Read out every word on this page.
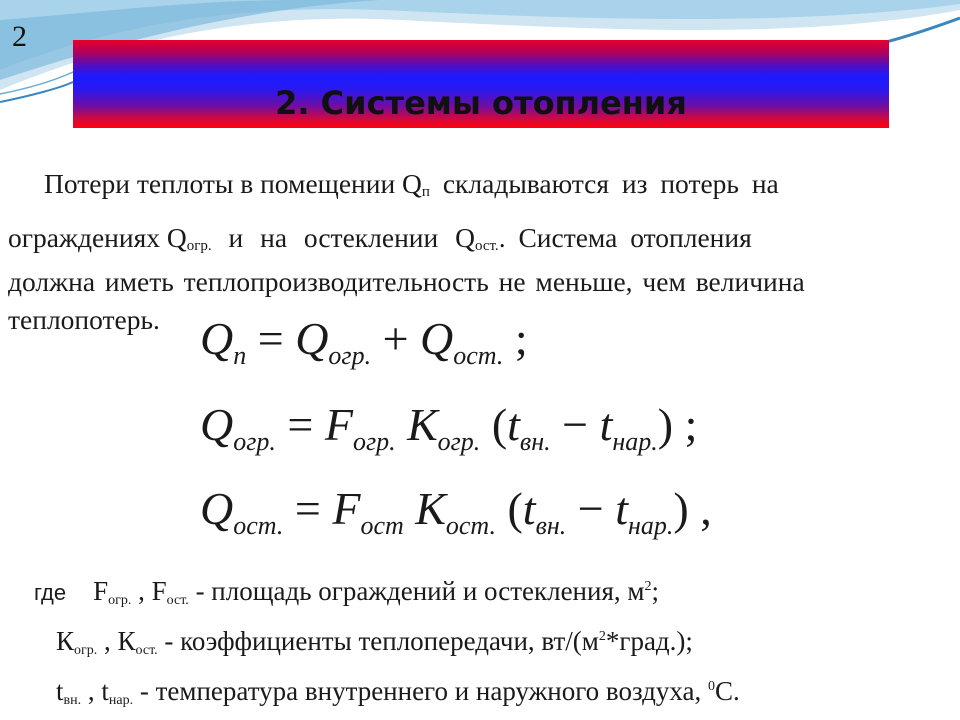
2
2. Системы отопления
Потери теплоты в помещении Qп складываются из потерь на
ограждениях Qогр. и на остеклении Qост.. Система отопления
должна иметь теплопроизводительность не меньше, чем величина
теплопотерь. $Q_п = Q_{огр.} + Q_{ост.}$ ;
$Q_{огр.} = F_{огр.}$ $К_{огр.}$ $(t_{вн.} - t_{нар.})$ ;
$Q_{ост.} = F_{ост}$ $К_{ост.}$ $(t_{вн.} - t_{нар.})$ ,
где Fогр. , Fост. - площадь ограждений и остекления, $м^2$;
Когр. , Кост. - коэффициенты теплопередачи, $вт/(м^2*град.)$;
tвн. , tнар. - температура внутреннего и наружного воздуха, $^0$С.
